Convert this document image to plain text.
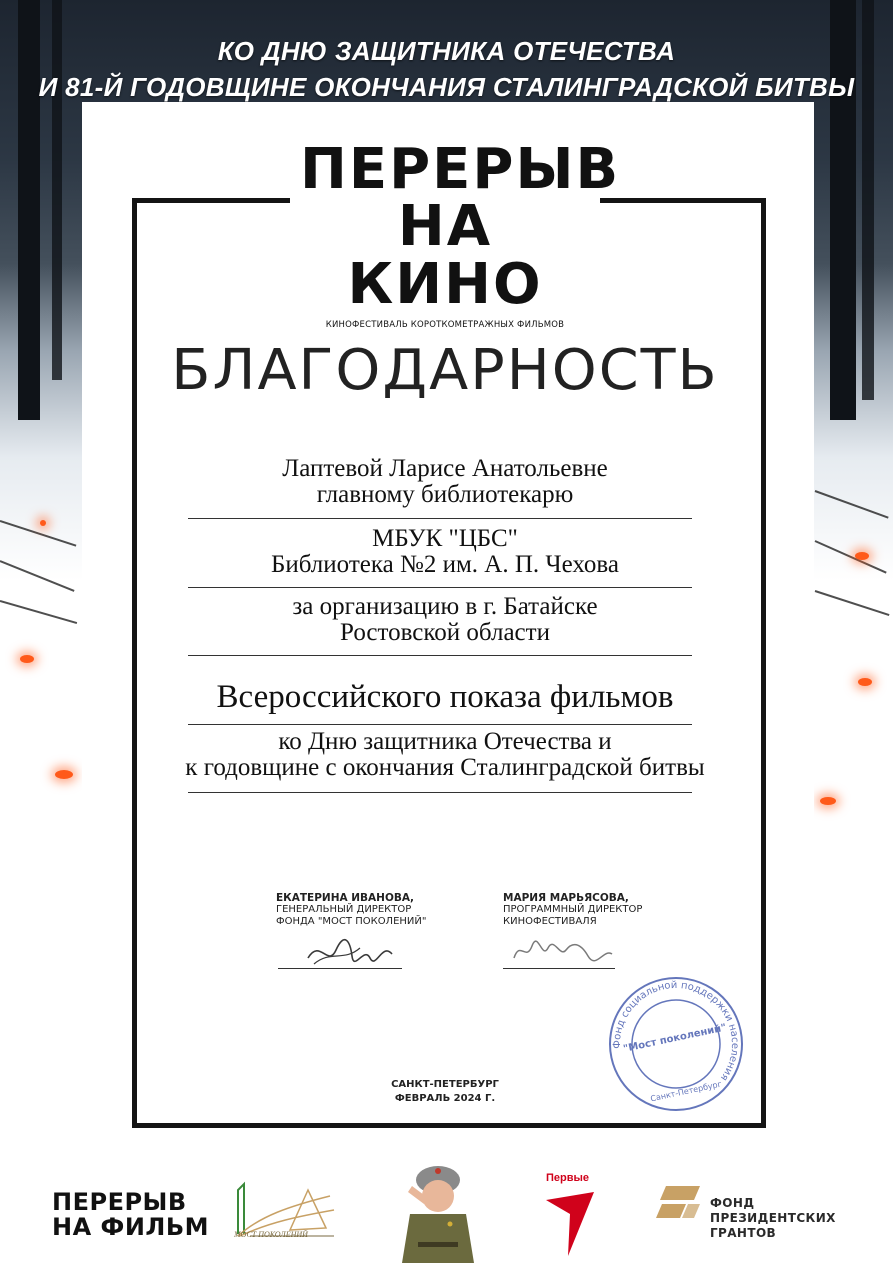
КО ДНЮ ЗАЩИТНИКА ОТЕЧЕСТВА
И 81-Й ГОДОВЩИНЕ ОКОНЧАНИЯ СТАЛИНГРАДСКОЙ БИТВЫ
ПЕРЕРЫВ
НА КИНО
КИНОФЕСТИВАЛЬ КОРОТКОМЕТРАЖНЫХ ФИЛЬМОВ
БЛАГОДАРНОСТЬ
Лаптевой Ларисе Анатольевне
главному библиотекарю
МБУК "ЦБС"
Библиотека №2 им. А. П. Чехова
за организацию в г. Батайске
Ростовской области
Всероссийского показа фильмов
ко Дню защитника Отечества и
к годовщине с окончания Сталинградской битвы
ЕКАТЕРИНА ИВАНОВА,
ГЕНЕРАЛЬНЫЙ ДИРЕКТОР
ФОНДА "МОСТ ПОКОЛЕНИЙ"
МАРИЯ МАРЬЯСОВА,
ПРОГРАММНЫЙ ДИРЕКТОР
КИНОФЕСТИВАЛЯ
Фонд социальной поддержки населения
"Мост поколений"
Санкт-Петербург
САНКТ-ПЕТЕРБУРГ
ФЕВРАЛЬ 2024 Г.
ПЕРЕРЫВ
НА ФИЛЬМ	МОСТ ПОКОЛЕНИЙ
Первые
ФОНД
ПРЕЗИДЕНТСКИХ
ГРАНТОВ
